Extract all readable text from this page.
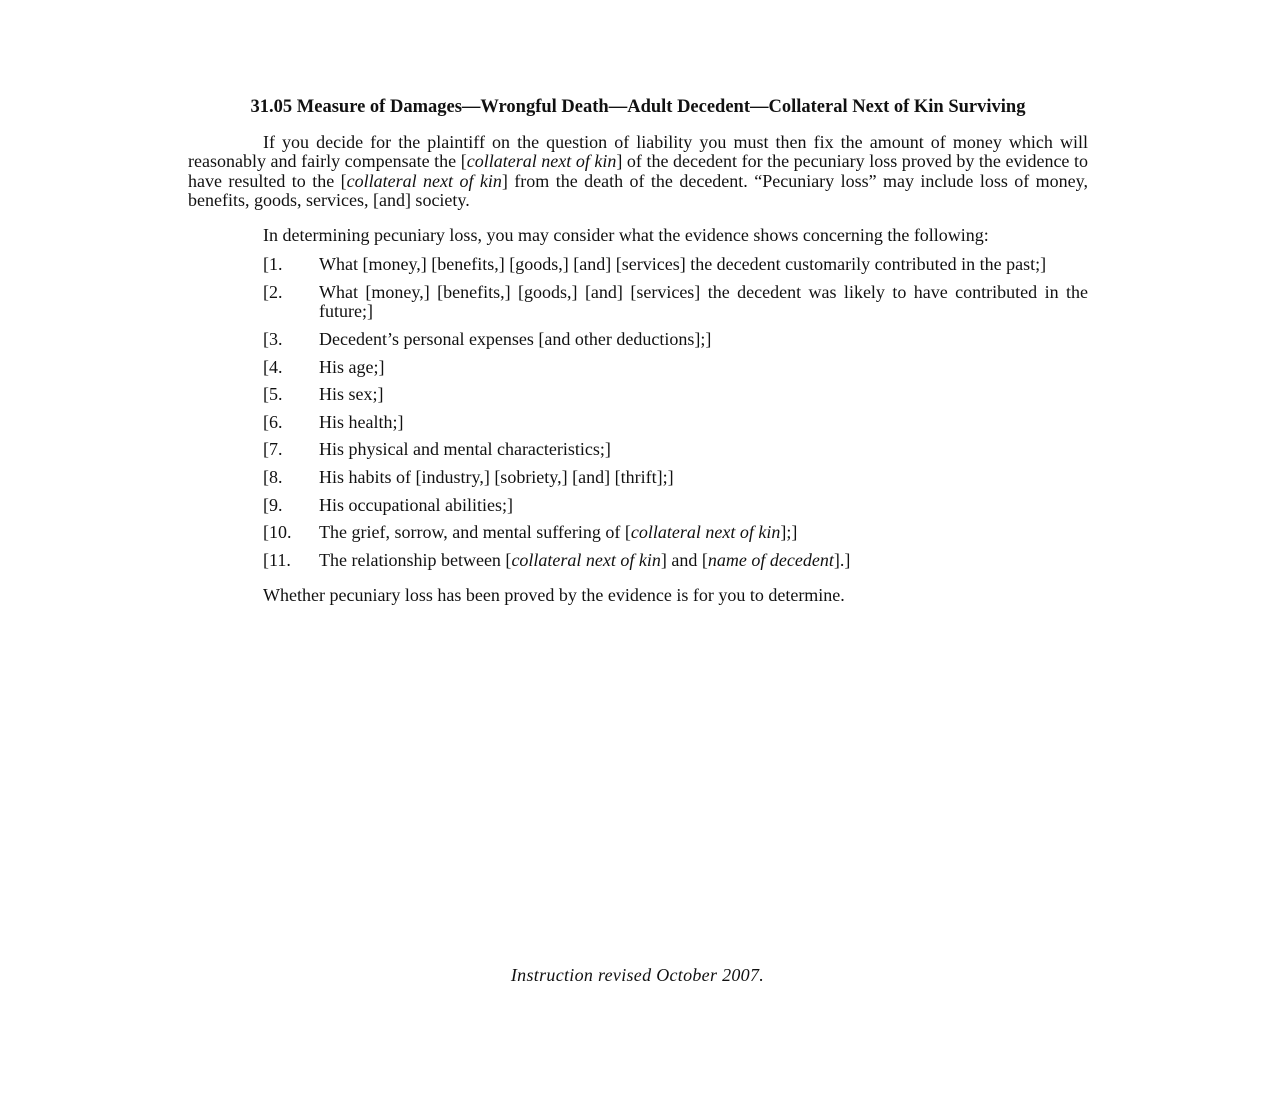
31.05 Measure of Damages—Wrongful Death—Adult Decedent—Collateral Next of Kin Surviving

If you decide for the plaintiff on the question of liability you must then fix the amount of money which will reasonably and fairly compensate the [collateral next of kin] of the decedent for the pecuniary loss proved by the evidence to have resulted to the [collateral next of kin] from the death of the decedent. “Pecuniary loss” may include loss of money, benefits, goods, services, [and] society.

In determining pecuniary loss, you may consider what the evidence shows concerning the following:

[1.	What [money,] [benefits,] [goods,] [and] [services] the decedent customarily contributed in the past;]
[2.	What [money,] [benefits,] [goods,] [and] [services] the decedent was likely to have contributed in the future;]
[3.	Decedent’s personal expenses [and other deductions];]
[4.	His age;]
[5.	His sex;]
[6.	His health;]
[7.	His physical and mental characteristics;]
[8.	His habits of [industry,] [sobriety,] [and] [thrift];]
[9.	His occupational abilities;]
[10.	The grief, sorrow, and mental suffering of [collateral next of kin];]
[11.	The relationship between [collateral next of kin] and [name of decedent].]

Whether pecuniary loss has been proved by the evidence is for you to determine.

Instruction revised October 2007.
